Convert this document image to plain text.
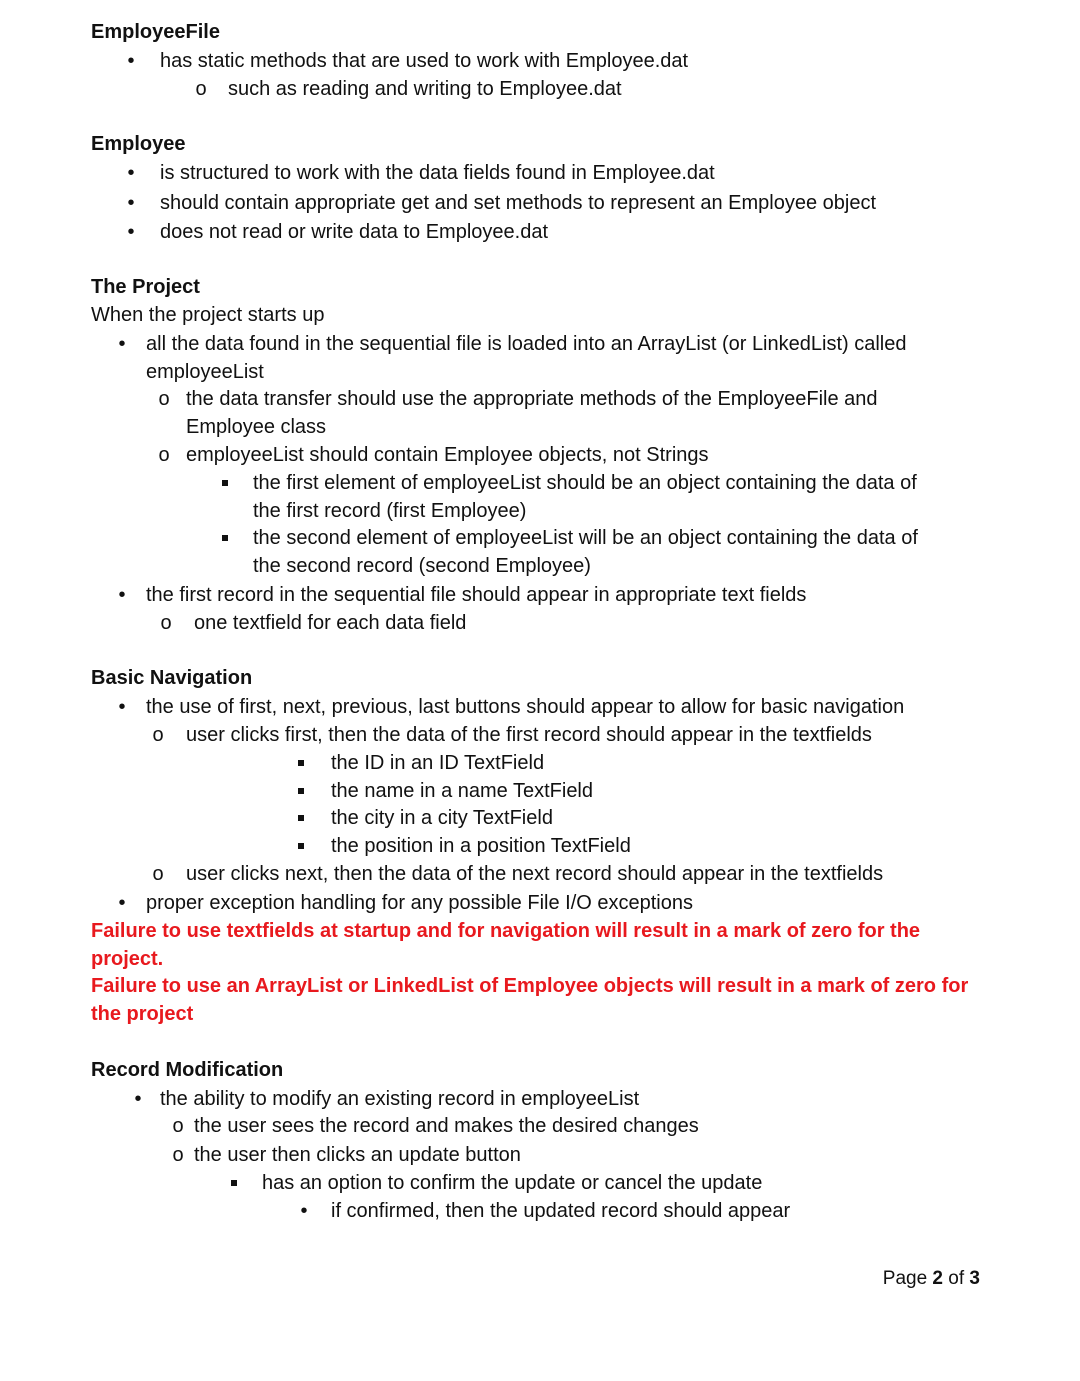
EmployeeFile
• has static methods that are used to work with Employee.dat
o such as reading and writing to Employee.dat
Employee
• is structured to work with the data fields found in Employee.dat
• should contain appropriate get and set methods to represent an Employee object
• does not read or write data to Employee.dat
The Project
When the project starts up
• all the data found in the sequential file is loaded into an ArrayList (or LinkedList) called
employeeList
o the data transfer should use the appropriate methods of the EmployeeFile and
Employee class
o employeeList should contain Employee objects, not Strings
the first element of employeeList should be an object containing the data of
the first record (first Employee)
the second element of employeeList will be an object containing the data of
the second record (second Employee)
• the first record in the sequential file should appear in appropriate text fields
o one textfield for each data field
Basic Navigation
• the use of first, next, previous, last buttons should appear to allow for basic navigation
o user clicks first, then the data of the first record should appear in the textfields
the ID in an ID TextField
the name in a name TextField
the city in a city TextField
the position in a position TextField
o user clicks next, then the data of the next record should appear in the textfields
• proper exception handling for any possible File I/O exceptions
Failure to use textfields at startup and for navigation will result in a mark of zero for the
project.
Failure to use an ArrayList or LinkedList of Employee objects will result in a mark of zero for
the project
Record Modification
• the ability to modify an existing record in employeeList
o the user sees the record and makes the desired changes
o the user then clicks an update button
has an option to confirm the update or cancel the update
• if confirmed, then the updated record should appear
Page 2 of 3
